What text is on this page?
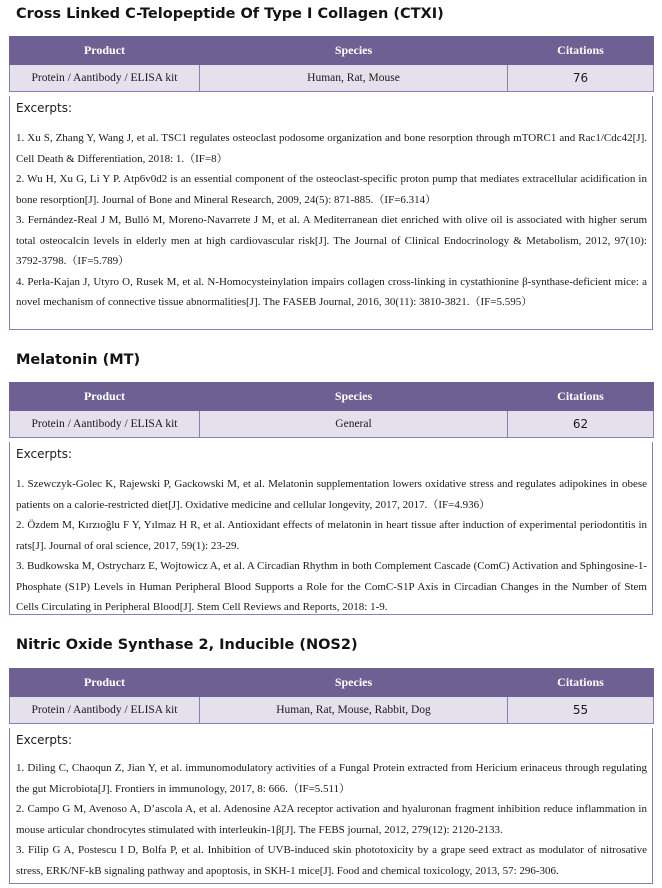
Cross Linked C-Telopeptide Of Type I Collagen (CTXI)
Product	Species	Citations
Protein / Aantibody / ELISA kit	Human, Rat, Mouse	76
Excerpts:
1. Xu S, Zhang Y, Wang J, et al. TSC1 regulates osteoclast podosome organization and bone resorption through mTORC1 and Rac1/Cdc42[J]. Cell Death & Differentiation, 2018: 1.（IF=8）
2. Wu H, Xu G, Li Y P. Atp6v0d2 is an essential component of the osteoclast‐specific proton pump that mediates extracellular acidification in bone resorption[J]. Journal of Bone and Mineral Research, 2009, 24(5): 871-885.（IF=6.314）
3. Fernández-Real J M, Bulló M, Moreno-Navarrete J M, et al. A Mediterranean diet enriched with olive oil is associated with higher serum total osteocalcin levels in elderly men at high cardiovascular risk[J]. The Journal of Clinical Endocrinology & Metabolism, 2012, 97(10): 3792-3798.（IF=5.789）
4. Perła-Kajan J, Utyro O, Rusek M, et al. N-Homocysteinylation impairs collagen cross-linking in cystathionine β-synthase-deficient mice: a novel mechanism of connective tissue abnormalities[J]. The FASEB Journal, 2016, 30(11): 3810-3821.（IF=5.595）
Melatonin (MT)
Product	Species	Citations
Protein / Aantibody / ELISA kit	General	62
Excerpts:
1. Szewczyk-Golec K, Rajewski P, Gackowski M, et al. Melatonin supplementation lowers oxidative stress and regulates adipokines in obese patients on a calorie-restricted diet[J]. Oxidative medicine and cellular longevity, 2017, 2017.（IF=4.936）
2. Özdem M, Kırzıoğlu F Y, Yılmaz H R, et al. Antioxidant effects of melatonin in heart tissue after induction of experimental periodontitis in rats[J]. Journal of oral science, 2017, 59(1): 23-29.
3. Budkowska M, Ostrycharz E, Wojtowicz A, et al. A Circadian Rhythm in both Complement Cascade (ComC) Activation and Sphingosine-1-Phosphate (S1P) Levels in Human Peripheral Blood Supports a Role for the ComC‐S1P Axis in Circadian Changes in the Number of Stem Cells Circulating in Peripheral Blood[J]. Stem Cell Reviews and Reports, 2018: 1-9.
Nitric Oxide Synthase 2, Inducible (NOS2)
Product	Species	Citations
Protein / Aantibody / ELISA kit	Human, Rat, Mouse, Rabbit, Dog	55
Excerpts:
1. Diling C, Chaoqun Z, Jian Y, et al. immunomodulatory activities of a Fungal Protein extracted from Hericium erinaceus through regulating the gut Microbiota[J]. Frontiers in immunology, 2017, 8: 666.（IF=5.511）
2. Campo G M, Avenoso A, D’ascola A, et al. Adenosine A2A receptor activation and hyaluronan fragment inhibition reduce inflammation in mouse articular chondrocytes stimulated with interleukin‐1β[J]. The FEBS journal, 2012, 279(12): 2120-2133.
3. Filip G A, Postescu I D, Bolfa P, et al. Inhibition of UVB-induced skin phototoxicity by a grape seed extract as modulator of nitrosative stress, ERK/NF-kB signaling pathway and apoptosis, in SKH-1 mice[J]. Food and chemical toxicology, 2013, 57: 296-306.
